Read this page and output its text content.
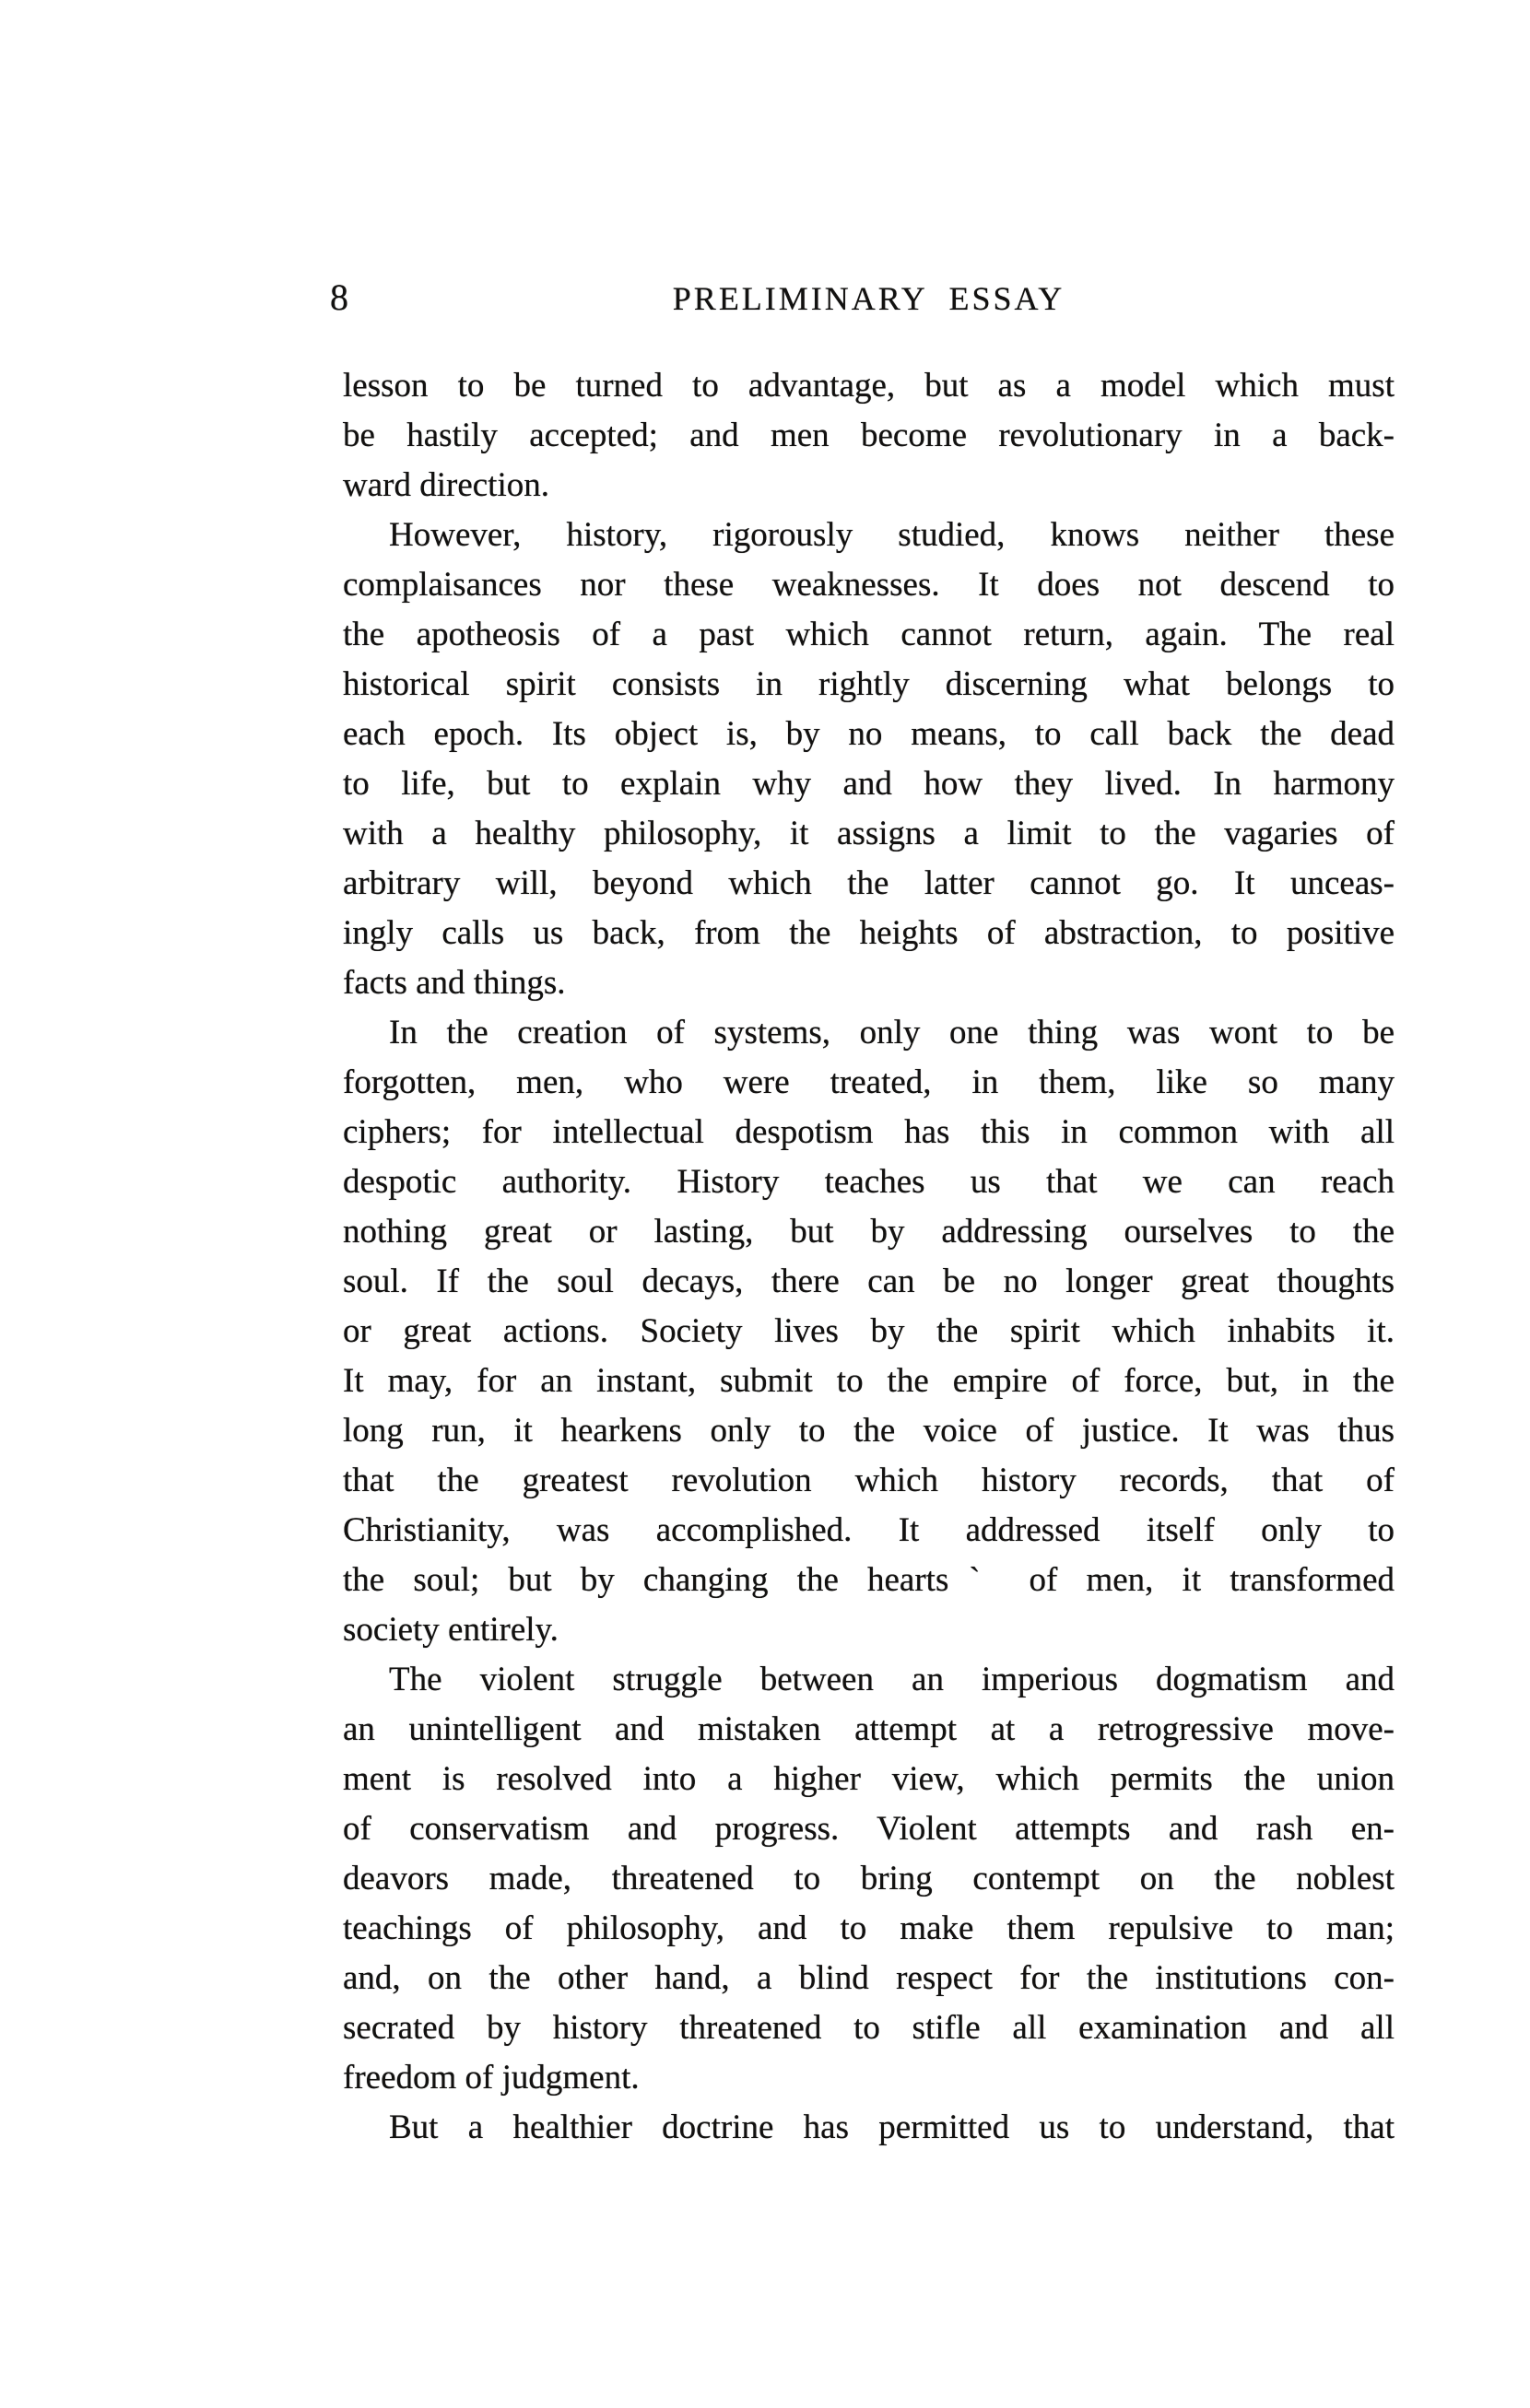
8	PRELIMINARY ESSAY
lesson to be turned to advantage, but as a model which must
be hastily accepted; and men become revolutionary in a back-
ward direction.
However, history, rigorously studied, knows neither these
complaisances nor these weaknesses. It does not descend to
the apotheosis of a past which cannot return, again. The real
historical spirit consists in rightly discerning what belongs to
each epoch. Its object is, by no means, to call back the dead
to life, but to explain why and how they lived. In harmony
with a healthy philosophy, it assigns a limit to the vagaries of
arbitrary will, beyond which the latter cannot go. It unceas-
ingly calls us back, from the heights of abstraction, to positive
facts and things.
In the creation of systems, only one thing was wont to be
forgotten, men, who were treated, in them, like so many
ciphers; for intellectual despotism has this in common with all
despotic authority. History teaches us that we can reach
nothing great or lasting, but by addressing ourselves to the
soul. If the soul decays, there can be no longer great thoughts
or great actions. Society lives by the spirit which inhabits it.
It may, for an instant, submit to the empire of force, but, in the
long run, it hearkens only to the voice of justice. It was thus
that the greatest revolution which history records, that of
Christianity, was accomplished. It addressed itself only to
the soul; but by changing the heartsˋ of men, it transformed
society entirely.
The violent struggle between an imperious dogmatism and
an unintelligent and mistaken attempt at a retrogressive move-
ment is resolved into a higher view, which permits the union
of conservatism and progress. Violent attempts and rash en-
deavors made, threatened to bring contempt on the noblest
teachings of philosophy, and to make them repulsive to man;
and, on the other hand, a blind respect for the institutions con-
secrated by history threatened to stifle all examination and all
freedom of judgment.
But a healthier doctrine has permitted us to understand, that
